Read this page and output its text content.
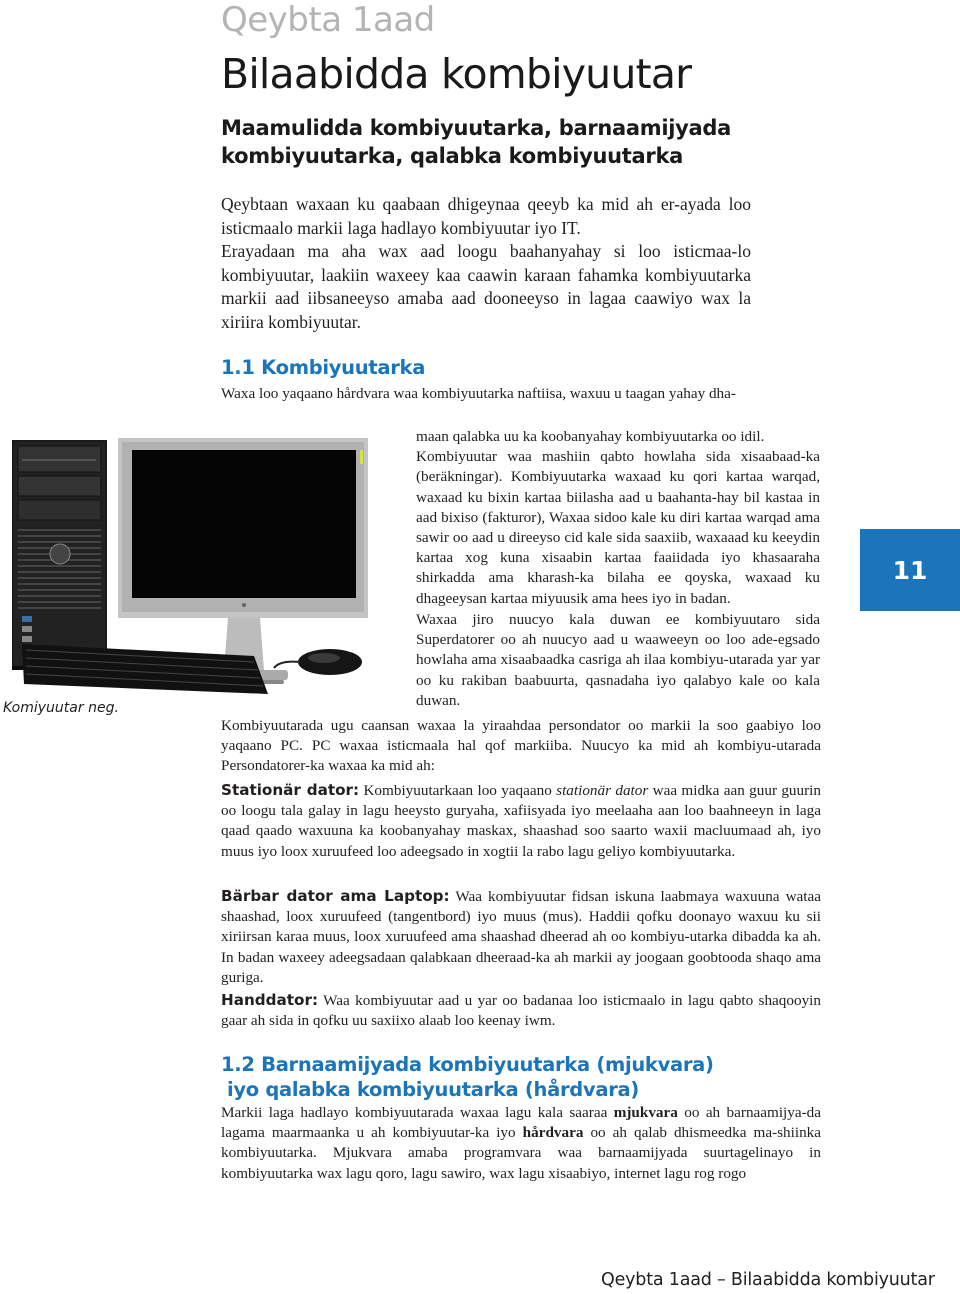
Qeybta 1aad
Bilaabidda kombiyuutar
Maamulidda kombiyuutarka, barnaamijyada kombiyuutarka, qalabka kombiyuutarka

Qeybtaan waxaan ku qaabaan dhigeynaa qeeyb ka mid ah er-ayada loo isticmaalo markii laga hadlayo kombiyuutar iyo IT.

Erayadaan ma aha wax aad loogu baahanyahay si loo isticmaa-lo kombiyuutar, laakiin waxeey kaa caawin karaan fahamka kombiyuutarka markii aad iibsaneeyso amaba aad dooneeyso in lagaa caawiyo wax la xiriira kombiyuutar.

1.1 Kombiyuutarka
Waxa loo yaqaano hårdvara waa kombiyuutarka naftiisa, waxuu u taagan yahay dha-

maan qalabka uu ka koobanyahay kombiyuutarka oo idil.

Kombiyuutar waa mashiin qabto howlaha sida xisaabaad-ka (beräkningar). Kombiyuutarka waxaad ku qori kartaa warqad, waxaad ku bixin kartaa biilasha aad u baahanta-hay bil kastaa in aad bixiso (fakturor), Waxaa sidoo kale ku diri kartaa warqad ama sawir oo aad u direeyso cid kale sida saaxiib, waxaaad ku keeydin kartaa xog kuna xisaabin kartaa faaiidada iyo khasaaraha shirkadda ama kharash-ka bilaha ee qoyska, waxaad ku dhageeysan kartaa miyuusik ama hees iyo in badan.

Waxaa jiro nuucyo kala duwan ee kombiyuutaro sida Superdatorer oo ah nuucyo aad u waaweeyn oo loo ade-egsado howlaha ama xisaabaadka casriga ah ilaa kombiyu-utarada yar yar oo ku rakiban baabuurta, qasnadaha iyo qalabyo kale oo kala duwan.
Kombiyuutarada ugu caansan waxaa la yiraahdaa persondator oo markii la soo gaabiyo loo yaqaano PC. PC waxaa isticmaala hal qof markiiba. Nuucyo ka mid ah kombiyu-utarada Persondatorer-ka waxaa ka mid ah:
Stationär dator: Kombiyuutarkaan loo yaqaano stationär dator waa midka aan guur guurin oo loogu tala galay in lagu heeysto guryaha, xafiisyada iyo meelaaha aan loo baahneeyn in laga qaad qaado waxuuna ka koobanyahay maskax, shaashad soo saarto waxii macluumaad ah, iyo muus iyo loox xuruufeed loo adeegsado in xogtii la rabo lagu geliyo kombiyuutarka.
Bärbar dator ama Laptop: Waa kombiyuutar fidsan iskuna laabmaya waxuuna wataa shaashad, loox xuruufeed (tangentbord) iyo muus (mus). Haddii qofku doonayo waxuu ku sii xiriirsan karaa muus, loox xuruufeed ama shaashad dheerad ah oo kombiyu-utarka dibadda ka ah. In badan waxeey adeegsadaan qalabkaan dheeraad-ka ah markii ay joogaan goobtooda shaqo ama guriga.
Handdator: Waa kombiyuutar aad u yar oo badanaa loo isticmaalo in lagu qabto shaqooyin gaar ah sida in qofku uu saxiixo alaab loo keenay iwm.
1.2 Barnaamijyada kombiyuutarka (mjukvara)
iyo qalabka kombiyuutarka (hårdvara)
Markii laga hadlayo kombiyuutarada waxaa lagu kala saaraa mjukvara oo ah barnaamijya-da lagama maarmaanka u ah kombiyuutar-ka iyo hårdvara oo ah qalab dhismeedka ma-shiinka kombiyuutarka. Mjukvara amaba programvara waa barnaamijyada suurtagelinayo in kombiyuutarka wax lagu qoro, lagu sawiro, wax lagu xisaabiyo, internet lagu rog rogo
Komiyuutar neg.
11
Qeybta 1aad – Bilaabidda kombiyuutar
